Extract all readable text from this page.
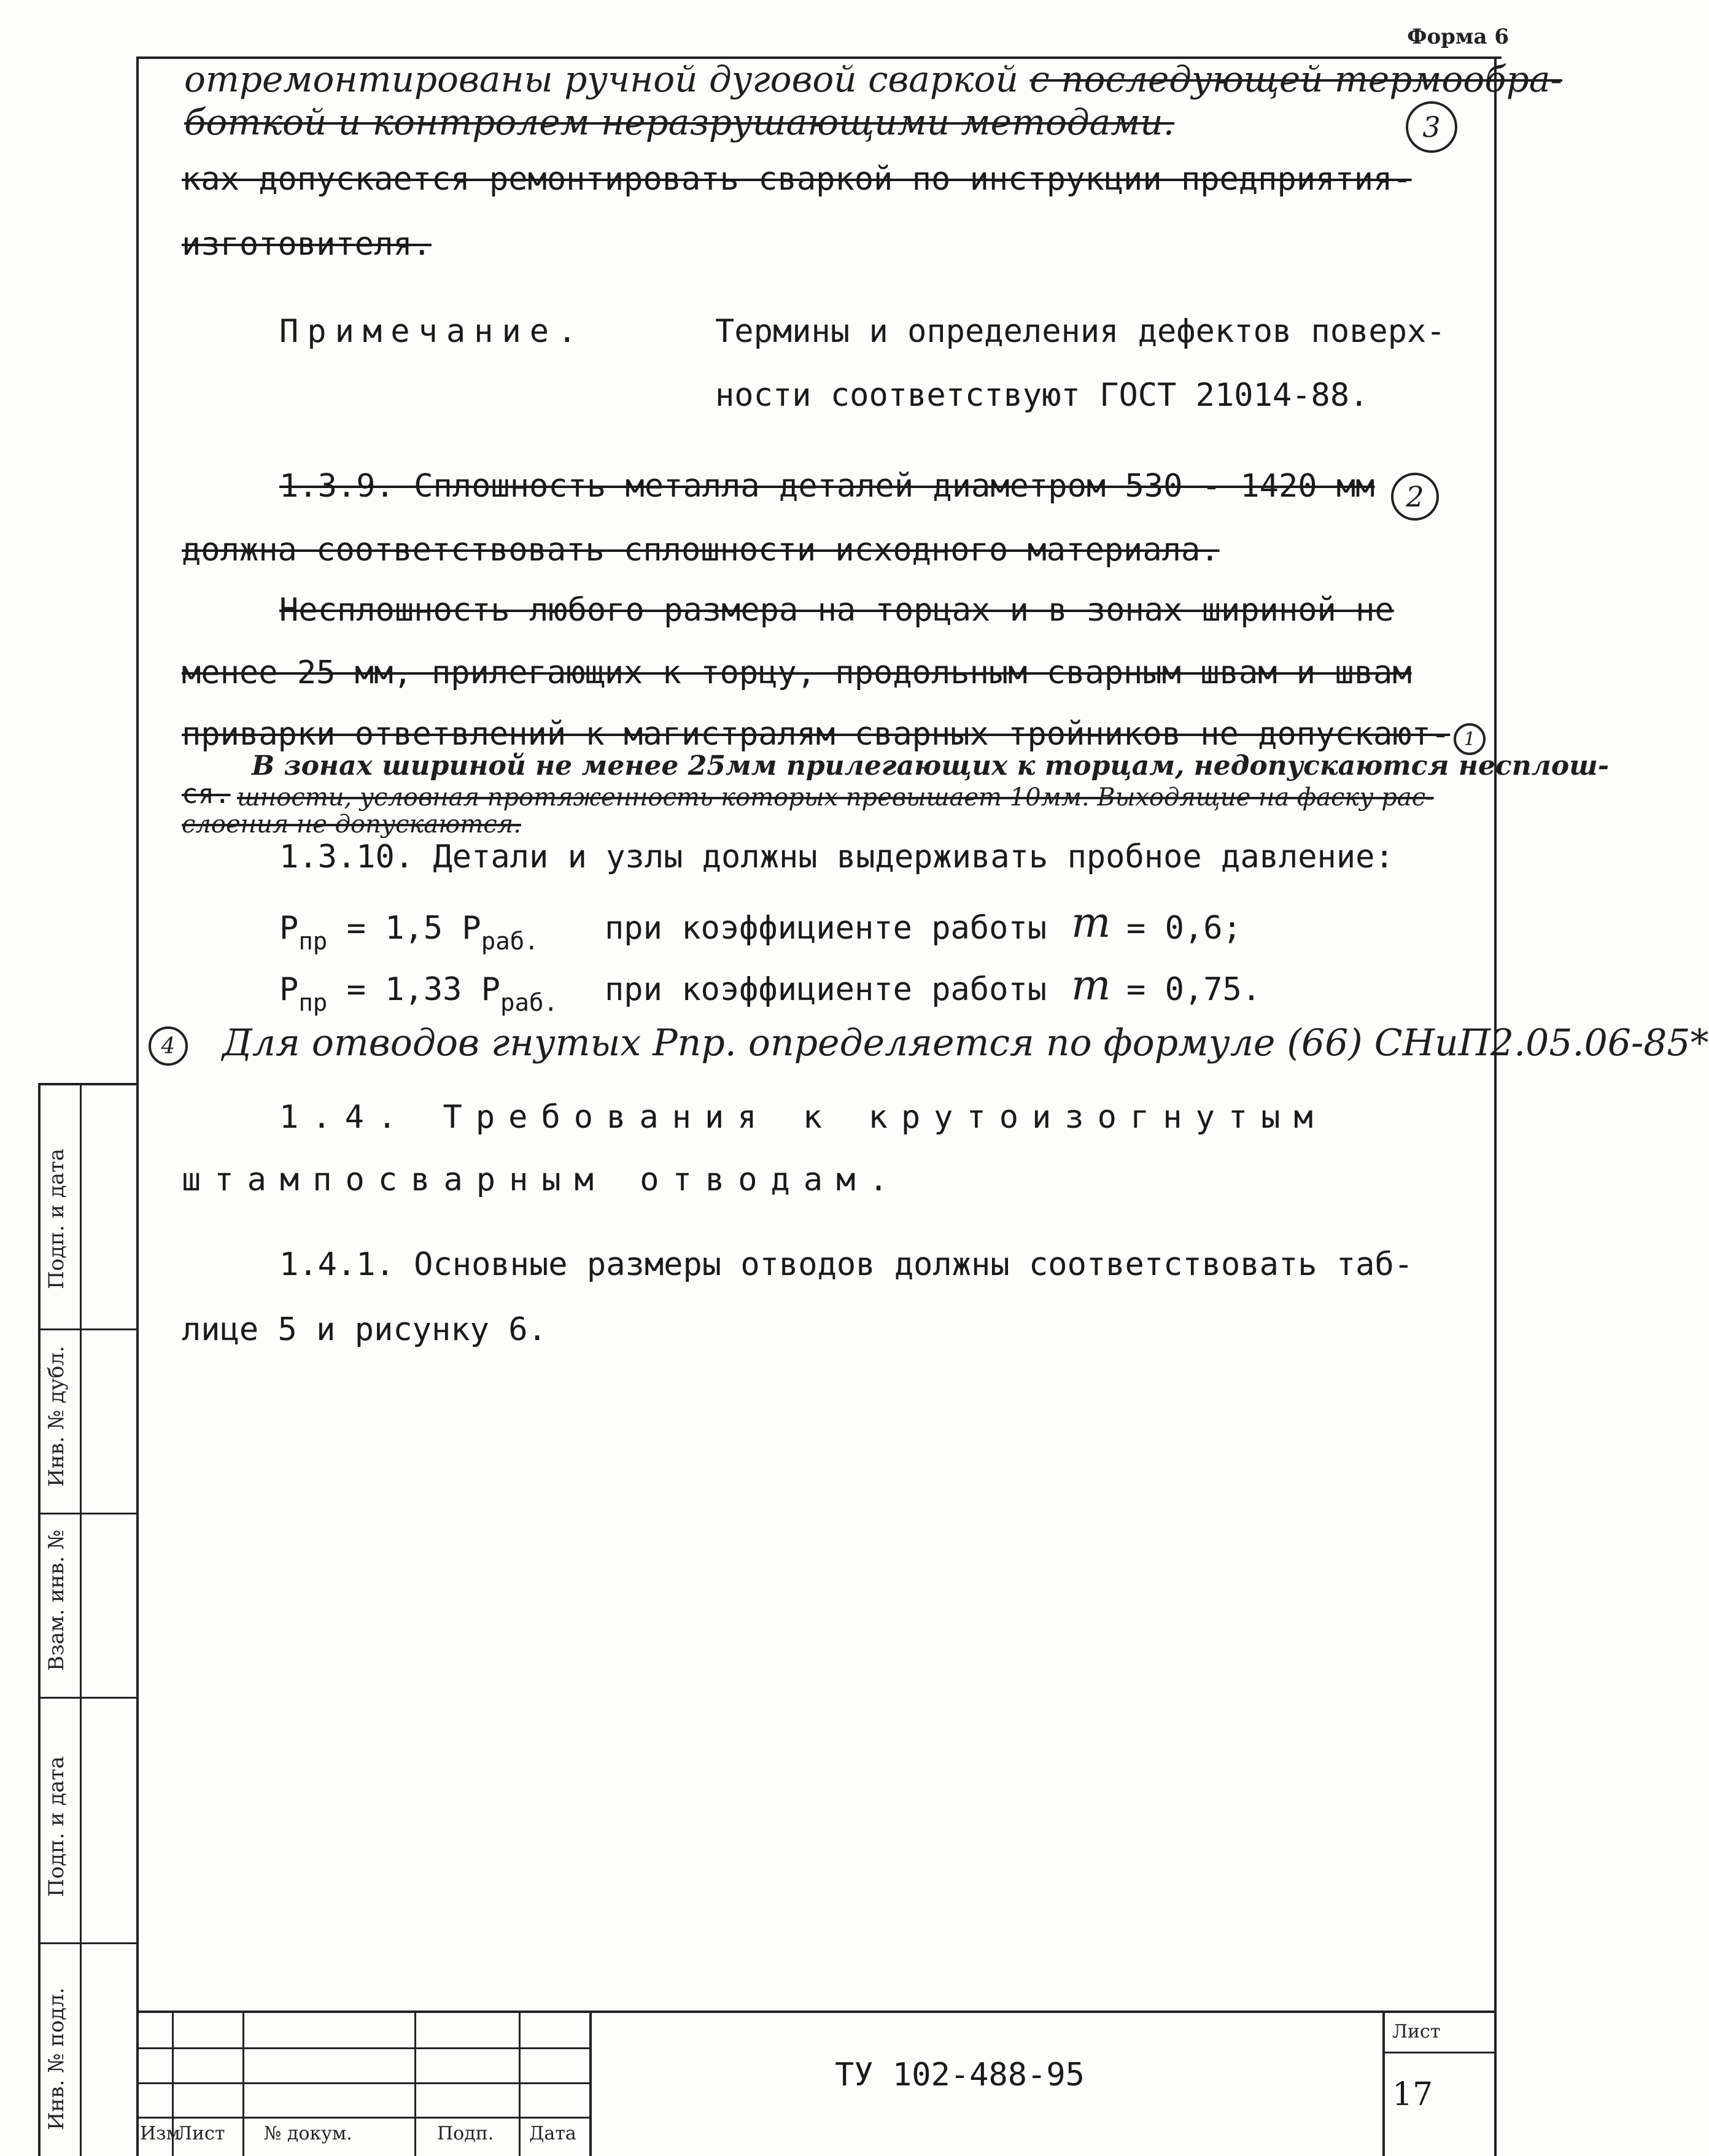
Форма 6
отремонтированы ручной дуговой сваркой с последующей термообра-
боткой и контролем неразрушающими методами.	3
ках допускается ремонтировать сваркой по инструкции предприятия-
изготовителя.
Примечание.	Термины и определения дефектов поверх-
ности соответствуют ГОСТ 21014-88.
1.3.9. Сплошность металла деталей диаметром 530 - 1420 мм	2
должна соответствовать сплошности исходного материала.
Несплошность любого размера на торцах и в зонах шириной не
менее 25 мм, прилегающих к торцу, продольным сварным швам и швам
приварки ответвлений к магистралям сварных тройников не допускают- 1
В зонах шириной не менее 25мм прилегающих к торцам, недопускаются несплош-
ся. шности, условная протяженность которых превышает 10мм. Выходящие на фаску рас-
слоения не допускаются.
1.3.10. Детали и узлы должны выдерживать пробное давление:
$Р_{пр} = 1,5$ $Р_{раб.}$ при коэффициенте работы m = 0,6;
$Р_{пр} = 1,33$ $Р_{раб.}$ при коэффициенте работы m = 0,75.
4	Для отводов гнутых Рпр. определяется по формуле (66) СНиП2.05.06-85*
1.4. Требования к крутоизогнутым
штампосварным отводам.
1.4.1. Основные размеры отводов должны соответствовать таб-
лице 5 и рисунку 6.
Подп. и дата
Инв. № дубл.
Взам. инв. №
Подп. и дата
Инв. № подл.
Изм
Лист № докум.	Подп. Дата
ТУ 102-488-95
Лист
17
